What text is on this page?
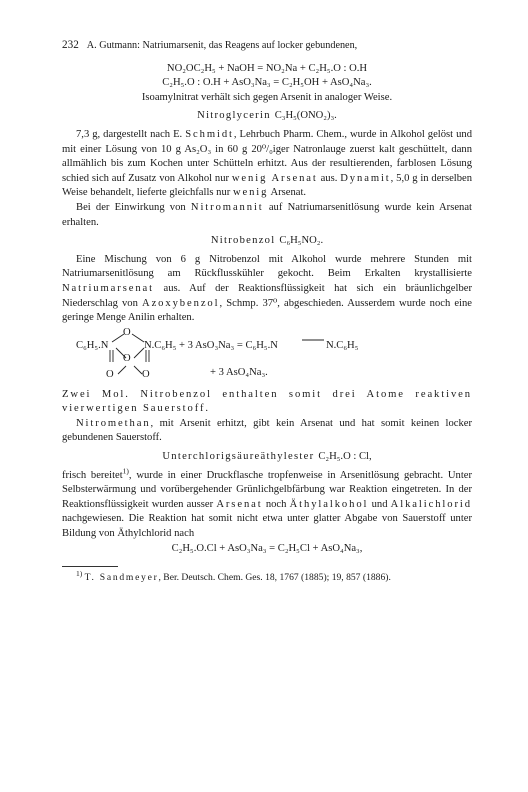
232 A. Gutmann: Natriumarsenit, das Reagens auf locker gebundenen,
NO₂OC₂H₅ + NaOH = NO₂Na + C₂H₅.O : O.H
C₂H₅.O : O.H + AsO₃Na₃ = C₂H₅OH + AsO₄Na₃.
Isoamylnitrat verhält sich gegen Arsenit in analoger Weise.
Nitroglycerin C₃H₅(ONO₂)₃.

7,3 g, dargestellt nach E. Schmidt, Lehrbuch Pharm. Chem., wurde in Alkohol gelöst und mit einer Lösung von 10 g As₂O₃ in 60 g 20⁰/₀iger Natronlauge zuerst kalt geschüttelt, dann allmählich bis zum Kochen unter Schütteln erhitzt. Aus der resultierenden, farblosen Lösung schied sich auf Zusatz von Alkohol nur wenig Arsenat aus. Dynamit, 5,0 g in derselben Weise behandelt, lieferte gleichfalls nur wenig Arsenat.

Bei der Einwirkung von Nitromannit auf Natriumarsenitlösung wurde kein Arsenat erhalten.

Nitrobenzol C₆H₅NO₂.

Eine Mischung von 6 g Nitrobenzol mit Alkohol wurde mehrere Stunden mit Natriumarsenitlösung am Rückflusskühler gekocht. Beim Erkalten krystallisierte Natriumarsenat aus. Auf der Reaktionsflüssigkeit hat sich ein bräunlichgelber Niederschlag von Azoxybenzol, Schmp. 37⁰, abgeschieden. Ausserdem wurde noch eine geringe Menge Anilin erhalten.

C₆H₅.N
O
O
O	O
N.C₆H₅ + 3 AsO₃Na₃ = C₆H₅.N	N.C₆H₅
+ 3 AsO₄Na₃.

Zwei Mol. Nitrobenzol enthalten somit drei Atome reaktiven vierwertigen Sauerstoff.

Nitromethan, mit Arsenit erhitzt, gibt kein Arsenat und hat somit keinen locker gebundenen Sauerstoff.

Unterchlorigsäureäthylester C₂H₅.O : Cl,

frisch bereitet$^{1)}$, wurde in einer Druckflasche tropfenweise in Arsenitlösung gebracht. Unter Selbsterwärmung und vorübergehender Grünlichgelbfärbung war Reaktion eingetreten. In der Reaktionsflüssigkeit wurden ausser Arsenat noch Äthylalkohol und Alkalichlorid nachgewiesen. Die Reaktion hat somit nicht etwa unter glatter Abgabe von Sauerstoff unter Bildung von Äthylchlorid nach

C₂H₅.O.Cl + AsO₃Na₃ = C₂H₅Cl + AsO₄Na₃,

$^{1)}$ T. Sandmeyer, Ber. Deutsch. Chem. Ges. 18, 1767 (1885); 19, 857 (1886).
